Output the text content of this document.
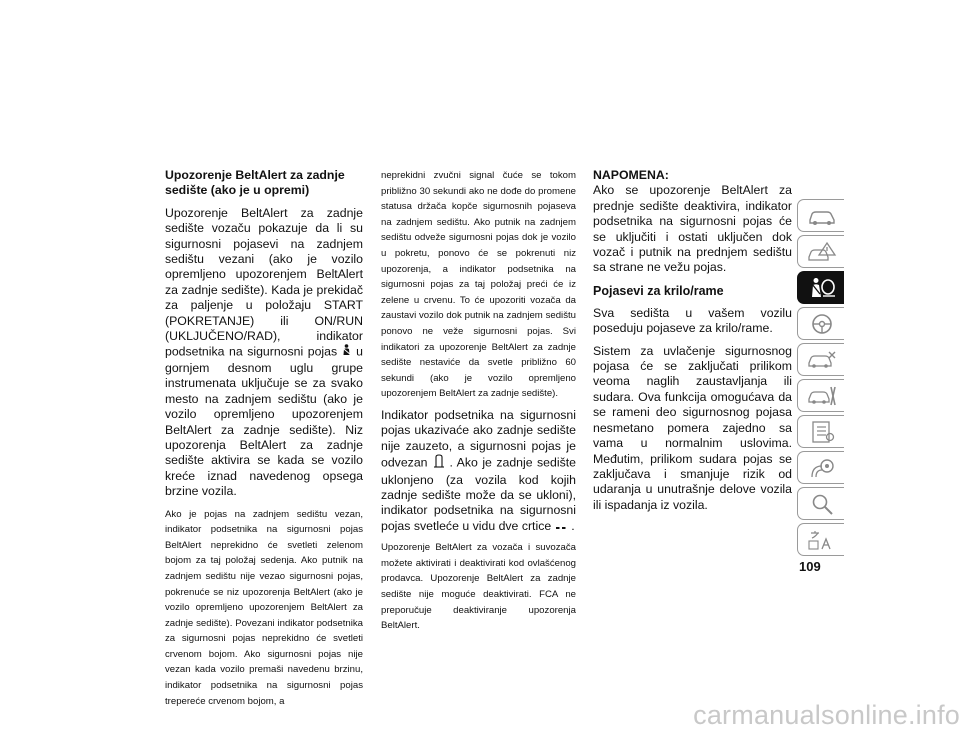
Upozorenje BeltAlert za zadnje sedište (ako je u opremi)

Upozorenje BeltAlert za zadnje sedište vozaču pokazuje da li su sigurnosni pojasevi na zadnjem sedištu vezani (ako je vozilo opremljeno upozorenjem BeltAlert za zadnje sedište). Kada je prekidač za paljenje u položaju START (POKRETANJE) ili ON/RUN (UKLJUČENO/RAD), indikator podsetnika na sigurnosni pojas u gornjem desnom uglu grupe instrumenata uključuje se za svako mesto na zadnjem sedištu (ako je vozilo opremljeno upozorenjem BeltAlert za zadnje sedište). Niz upozorenja BeltAlert za zadnje sedište aktivira se kada se vozilo kreće iznad navedenog opsega brzine vozila.

Ako je pojas na zadnjem sedištu vezan, indikator podsetnika na sigurnosni pojas BeltAlert neprekidno će svetleti zelenom bojom za taj položaj sedenja. Ako putnik na zadnjem sedištu nije vezao sigurnosni pojas, pokrenuće se niz upozorenja BeltAlert (ako je vozilo opremljeno upozorenjem BeltAlert za zadnje sedište). Povezani indikator podsetnika za sigurnosni pojas neprekidno će svetleti crvenom bojom. Ako sigurnosni pojas nije vezan kada vozilo premaši navedenu brzinu, indikator podsetnika na sigurnosni pojas trepereće crvenom bojom, a

neprekidni zvučni signal čuće se tokom približno 30 sekundi ako ne dođe do promene statusa držača kopče sigurnosnih pojaseva na zadnjem sedištu. Ako putnik na zadnjem sedištu odveže sigurnosni pojas dok je vozilo u pokretu, ponovo će se pokrenuti niz upozorenja, a indikator podsetnika na sigurnosni pojas za taj položaj preći će iz zelene u crvenu. To će upozoriti vozača da zaustavi vozilo dok putnik na zadnjem sedištu ponovo ne veže sigurnosni pojas. Svi indikatori za upozorenje BeltAlert za zadnje sedište nestaviće da svetle približno 60 sekundi (ako je vozilo opremljeno upozorenjem BeltAlert za zadnje sedište).

Indikator podsetnika na sigurnosni pojas ukazivaće ako zadnje sedište nije zauzeto, a sigurnosni pojas je odvezan . Ako je zadnje sedište uklonjeno (za vozila kod kojih zadnje sedište može da se ukloni), indikator podsetnika na sigurnosni pojas svetleće u vidu dve crtice .

Upozorenje BeltAlert za vozača i suvozača možete aktivirati i deaktivirati kod ovlašćenog prodavca. Upozorenje BeltAlert za zadnje sedište nije moguće deaktivirati. FCA ne preporučuje deaktiviranje upozorenja BeltAlert.

NAPOMENA:

Ako se upozorenje BeltAlert za prednje sedište deaktivira, indikator podsetnika na sigurnosni pojas će se uključiti i ostati uključen dok vozač i putnik na prednjem sedištu sa strane ne vežu pojas.

Pojasevi za krilo/rame

Sva sedišta u vašem vozilu poseduju pojaseve za krilo/rame.

Sistem za uvlačenje sigurnosnog pojasa će se zaključati prilikom veoma naglih zaustavljanja ili sudara. Ova funkcija omogućava da se rameni deo sigurnosnog pojasa nesmetano pomera zajedno sa vama u normalnim uslovima. Međutim, prilikom sudara pojas se zaključava i smanjuje rizik od udaranja u unutrašnje delove vozila ili ispadanja iz vozila.

109
carmanualsonline.info
